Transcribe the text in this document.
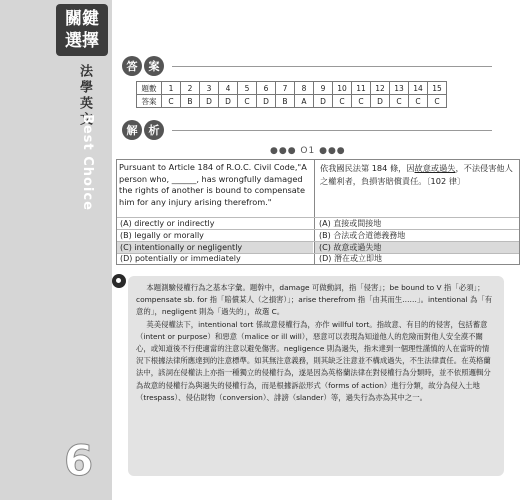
關鍵
選擇
法學英文
Best Choice
6
答	案
題數	1	2	3	4	5	6	7	8	9	10	11	12	13	14	15
答案	C	B	D	D	C	D	B	A	D	C	C	D	C	C	C
解	析
●●● O1 ●●●
Pursuant to Article 184 of R.O.C. Civil Code,"A person who, ______, has wrongfully damaged the rights of another is bound to compensate him for any injury arising therefrom."
依我國民法第 184 條，因故意或過失，不法侵害他人之權利者，負損害賠償責任。〔102 律〕
(A) directly or indirectly	(A) 直接或間接地
(B) legally or morally	(B) 合法或合道德義務地
(C) intentionally or negligently	(C) 故意或過失地
(D) potentially or immediately	(D) 潛在或立即地

本題測驗侵權行為之基本字彙。題幹中，damage 可做動詞，指「侵害」；be bound to V 指「必須」；compensate sb. for 指「賠償某人（之損害）」；arise therefrom 指「由其而生……」。intentional 為「有意的」，negligent 則為「過失的」，故選 C。

英美侵權法下，intentional tort 係故意侵權行為，亦作 willful tort。指故意、有目的的侵害，包括蓄意（intent or purpose）和惡意（malice or ill will），惡意可以表現為知道他人的危險而對他人安全漠不關心，或知道後不行使適當的注意以避免傷害。negligence 則為過失，指未達到一個理性謹慎的人在當時的情況下根據法律所應達到的注意標準。如其無注意義務，則其缺乏注意並不構成過失，不生法律責任。在英格蘭法中，該詞在侵權法上亦指一種獨立的侵權行為，遂是因為英格蘭法律在對侵權行為分類時，並不依照邏輯分為故意的侵權行為與過失的侵權行為，而是根據訴訟形式（forms of action）進行分類，故分為侵入土地（trespass）、侵佔財物（conversion）、誹謗（slander）等，過失行為亦為其中之一。
